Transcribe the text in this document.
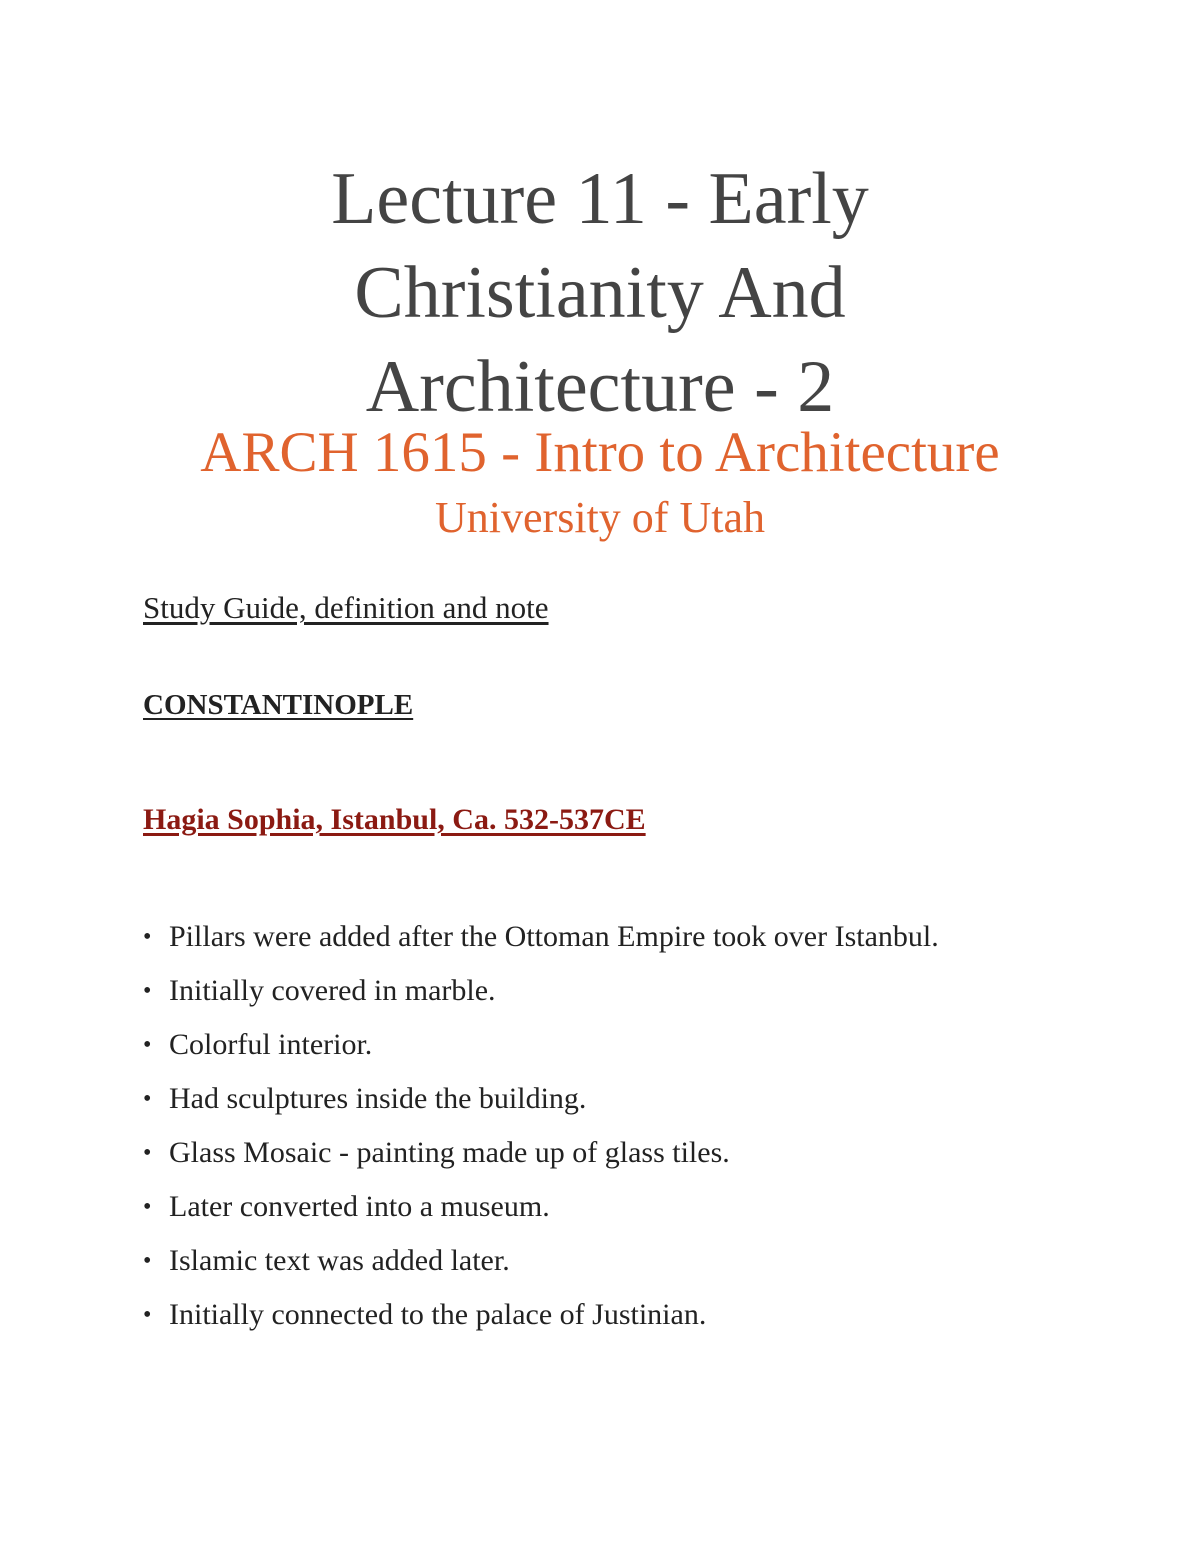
Lecture 11 - Early
Christianity And
Architecture - 2
ARCH 1615 - Intro to Architecture
University of Utah
Study Guide, definition and note
CONSTANTINOPLE
Hagia Sophia, Istanbul, Ca. 532-537CE
• Pillars were added after the Ottoman Empire took over Istanbul.
• Initially covered in marble.
• Colorful interior.
• Had sculptures inside the building.
• Glass Mosaic - painting made up of glass tiles.
• Later converted into a museum.
• Islamic text was added later.
• Initially connected to the palace of Justinian.
